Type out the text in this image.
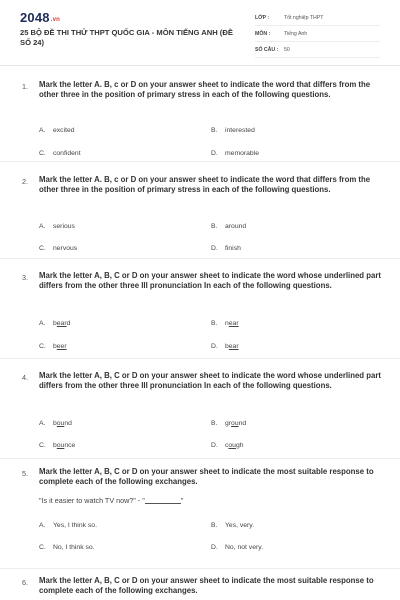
2048.vn
25 BỘ ĐỀ THI THỬ THPT QUỐC GIA - MÔN TIẾNG ANH (ĐỀ SỐ 24)
LỚP :	Tốt nghiệp THPT
MÔN :	Tiếng Anh
SỐ CÂU : 50
1. Mark the letter A. B, c or D on your answer sheet to indicate the word that differs from the other three in the position of primary stress in each of the following questions.
A. excited	B. interested
C. confident	D. memorable
2. Mark the letter A. B, c or D on your answer sheet to indicate the word that differs from the other three in the position of primary stress in each of the following questions.
A. serious	B. around
C. nervous	D. finish
3. Mark the letter A, B, C or D on your answer sheet to indicate the word whose underlined part differs from the other three III pronunciation In each of the following questions.
A. beard	B. near
C. beer	D. bear
4. Mark the letter A, B, C or D on your answer sheet to indicate the word whose underlined part differs from the other three III pronunciation In each of the following questions.
A. bound	B. ground
C. bounce	D. cough
5. Mark the letter A, B, C or D on your answer sheet to indicate the most suitable response to complete each of the following exchanges.
"Is it easier to watch TV now?" - "	"
A. Yes, I think so.	B. Yes, very.
C. No, I think so.	D. No, not very.
6. Mark the letter A, B, C or D on your answer sheet to indicate the most suitable response to complete each of the following exchanges.
